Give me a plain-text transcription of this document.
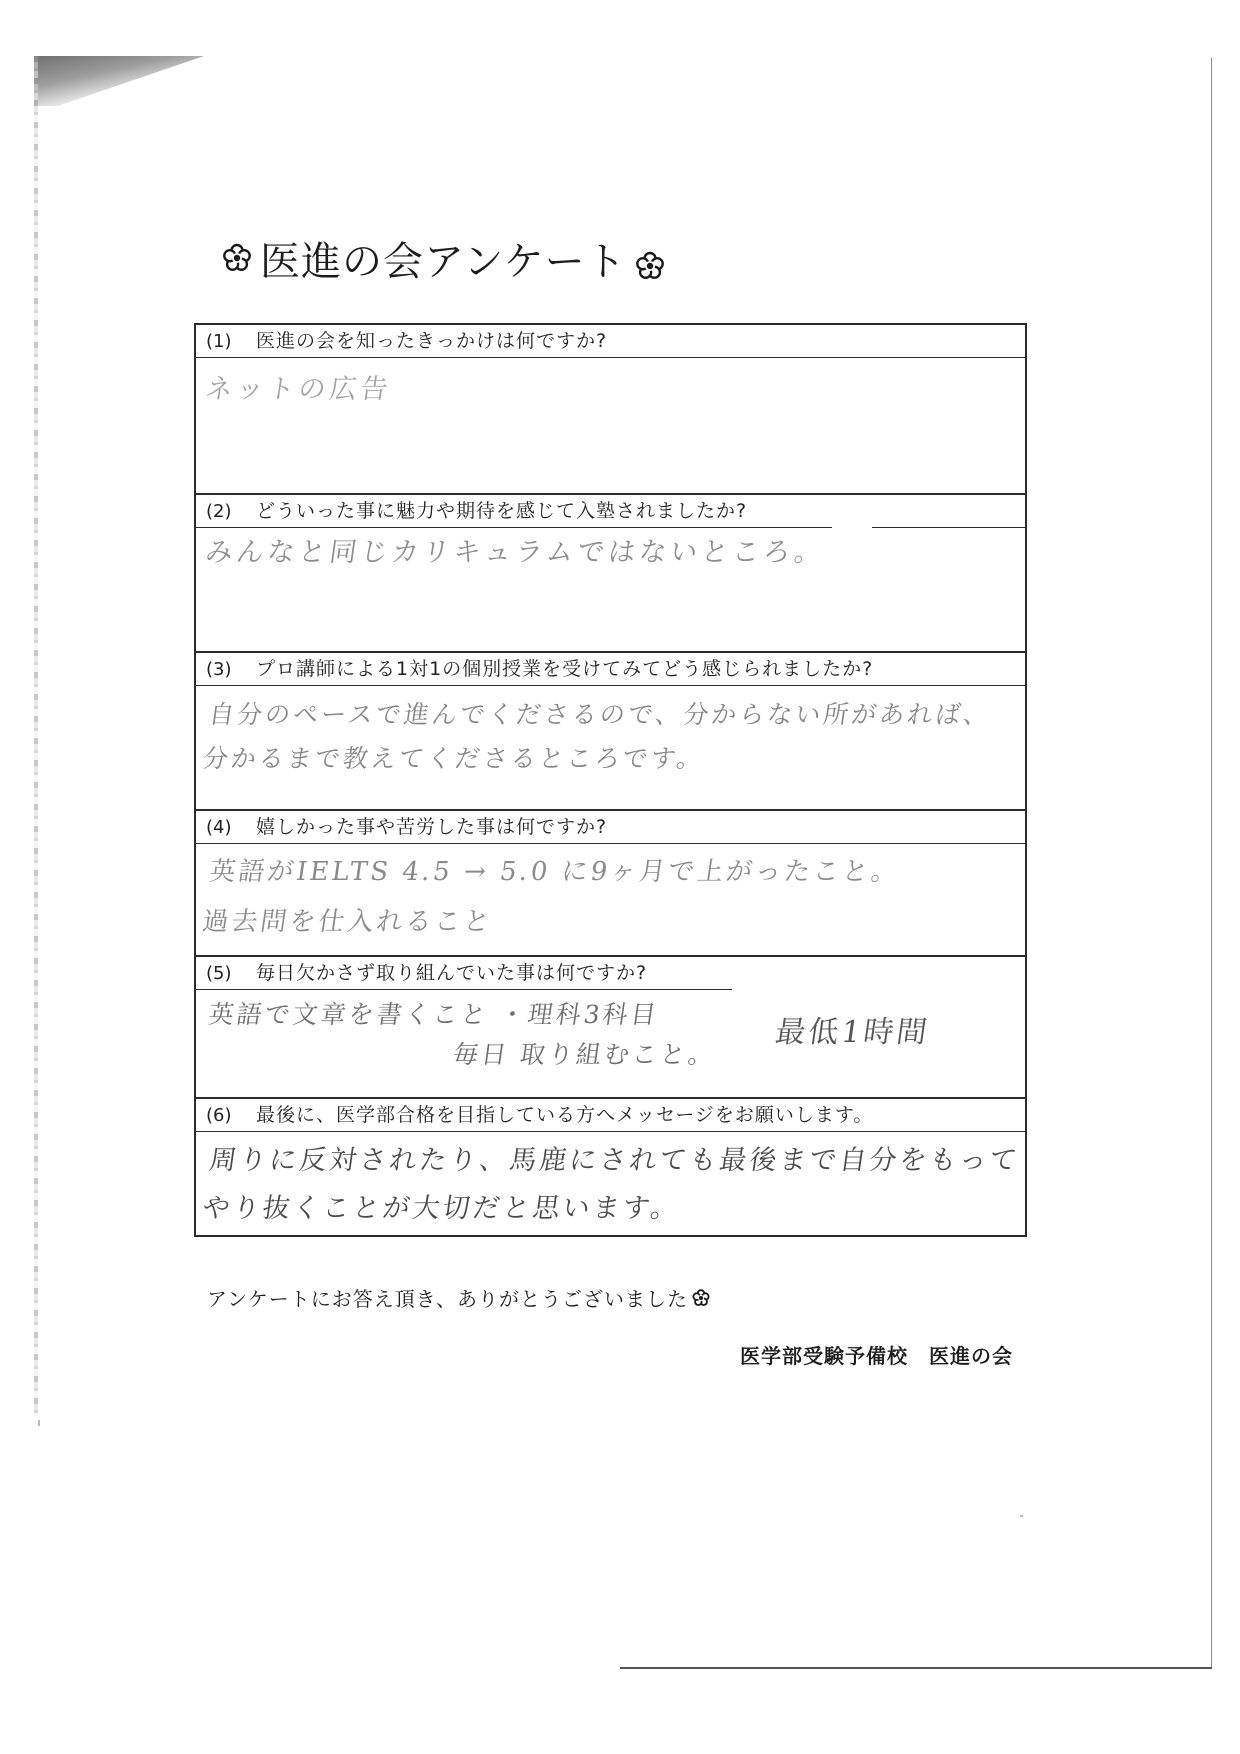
医進の会アンケート
(1) 医進の会を知ったきっかけは何ですか?
ネットの広告
(2) どういった事に魅力や期待を感じて入塾されましたか?
みんなと同じカリキュラムではないところ。
(3) プロ講師による1対1の個別授業を受けてみてどう感じられましたか?
自分のペースで進んでくださるので、分からない所があれば、
分かるまで教えてくださるところです。
(4) 嬉しかった事や苦労した事は何ですか?
英語がIELTS 4.5 → 5.0 に9ヶ月で上がったこと。
過去問を仕入れること
(5) 毎日欠かさず取り組んでいた事は何ですか?
英語で文章を書くこと ・理科3科目
毎日 取り組むこと。
最低1時間
(6) 最後に、医学部合格を目指している方へメッセージをお願いします。
周りに反対されたり、馬鹿にされても最後まで自分をもって
やり抜くことが大切だと思います。
アンケートにお答え頂き、ありがとうございました
医学部受験予備校　医進の会
